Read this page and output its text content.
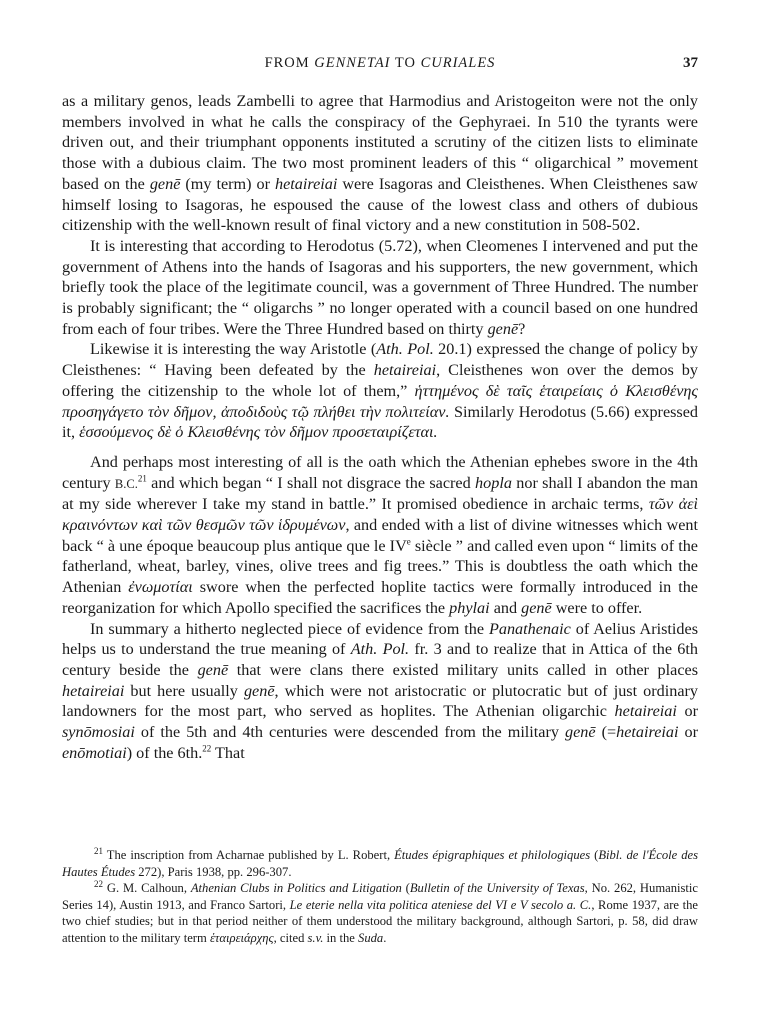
FROM GENNETAI TO CURIALES	37

as a military genos, leads Zambelli to agree that Harmodius and Aristogeiton were not the only members involved in what he calls the conspiracy of the Gephyraei. In 510 the tyrants were driven out, and their triumphant opponents instituted a scrutiny of the citizen lists to eliminate those with a dubious claim. The two most prominent leaders of this “ oligarchical ” movement based on the genē (my term) or hetaireiai were Isagoras and Cleisthenes. When Cleisthenes saw himself losing to Isagoras, he espoused the cause of the lowest class and others of dubious citizenship with the well-known result of final victory and a new constitution in 508-502.

It is interesting that according to Herodotus (5.72), when Cleomenes I intervened and put the government of Athens into the hands of Isagoras and his supporters, the new government, which briefly took the place of the legitimate council, was a government of Three Hundred. The number is probably significant; the “ oligarchs ” no longer operated with a council based on one hundred from each of four tribes. Were the Three Hundred based on thirty genē?

Likewise it is interesting the way Aristotle (Ath. Pol. 20.1) expressed the change of policy by Cleisthenes: “ Having been defeated by the hetaireiai, Cleisthenes won over the demos by offering the citizenship to the whole lot of them,” ἡττημένος δὲ ταῖς ἑταιρείαις ὁ Κλεισθένης προσηγάγετο τὸν δῆμον, ἀποδιδοὺς τῷ πλήθει τὴν πολιτείαν. Similarly Herodotus (5.66) expressed it, ἑσσούμενος δὲ ὁ Κλεισθένης τὸν δῆμον προσεταιρίζεται.

And perhaps most interesting of all is the oath which the Athenian ephebes swore in the 4th century B.C.$^{21}$ and which began “ I shall not disgrace the sacred hopla nor shall I abandon the man at my side wherever I take my stand in battle.” It promised obedience in archaic terms, τῶν ἀεὶ κραινόντων καὶ τῶν θεσμῶν τῶν ἱδρυμένων, and ended with a list of divine witnesses which went back “ à une époque beaucoup plus antique que le IVe siècle ” and called even upon “ limits of the fatherland, wheat, barley, vines, olive trees and fig trees.” This is doubtless the oath which the Athenian ἐνωμοτίαι swore when the perfected hoplite tactics were formally introduced in the reorganization for which Apollo specified the sacrifices the phylai and genē were to offer.

In summary a hitherto neglected piece of evidence from the Panathenaic of Aelius Aristides helps us to understand the true meaning of Ath. Pol. fr. 3 and to realize that in Attica of the 6th century beside the genē that were clans there existed military units called in other places hetaireiai but here usually genē, which were not aristocratic or plutocratic but of just ordinary landowners for the most part, who served as hoplites. The Athenian oligarchic hetaireiai or synōmosiai of the 5th and 4th centuries were descended from the military genē (=hetaireiai or enōmotiai) of the 6th.$^{22}$ That

$^{21}$ The inscription from Acharnae published by L. Robert, Études épigraphiques et philologiques (Bibl. de l'École des Hautes Études 272), Paris 1938, pp. 296-307.

$^{22}$ G. M. Calhoun, Athenian Clubs in Politics and Litigation (Bulletin of the University of Texas, No. 262, Humanistic Series 14), Austin 1913, and Franco Sartori, Le eterie nella vita politica ateniese del VI e V secolo a. C., Rome 1937, are the two chief studies; but in that period neither of them understood the military background, although Sartori, p. 58, did draw attention to the military term ἑταιρειάρχης, cited s.v. in the Suda.
